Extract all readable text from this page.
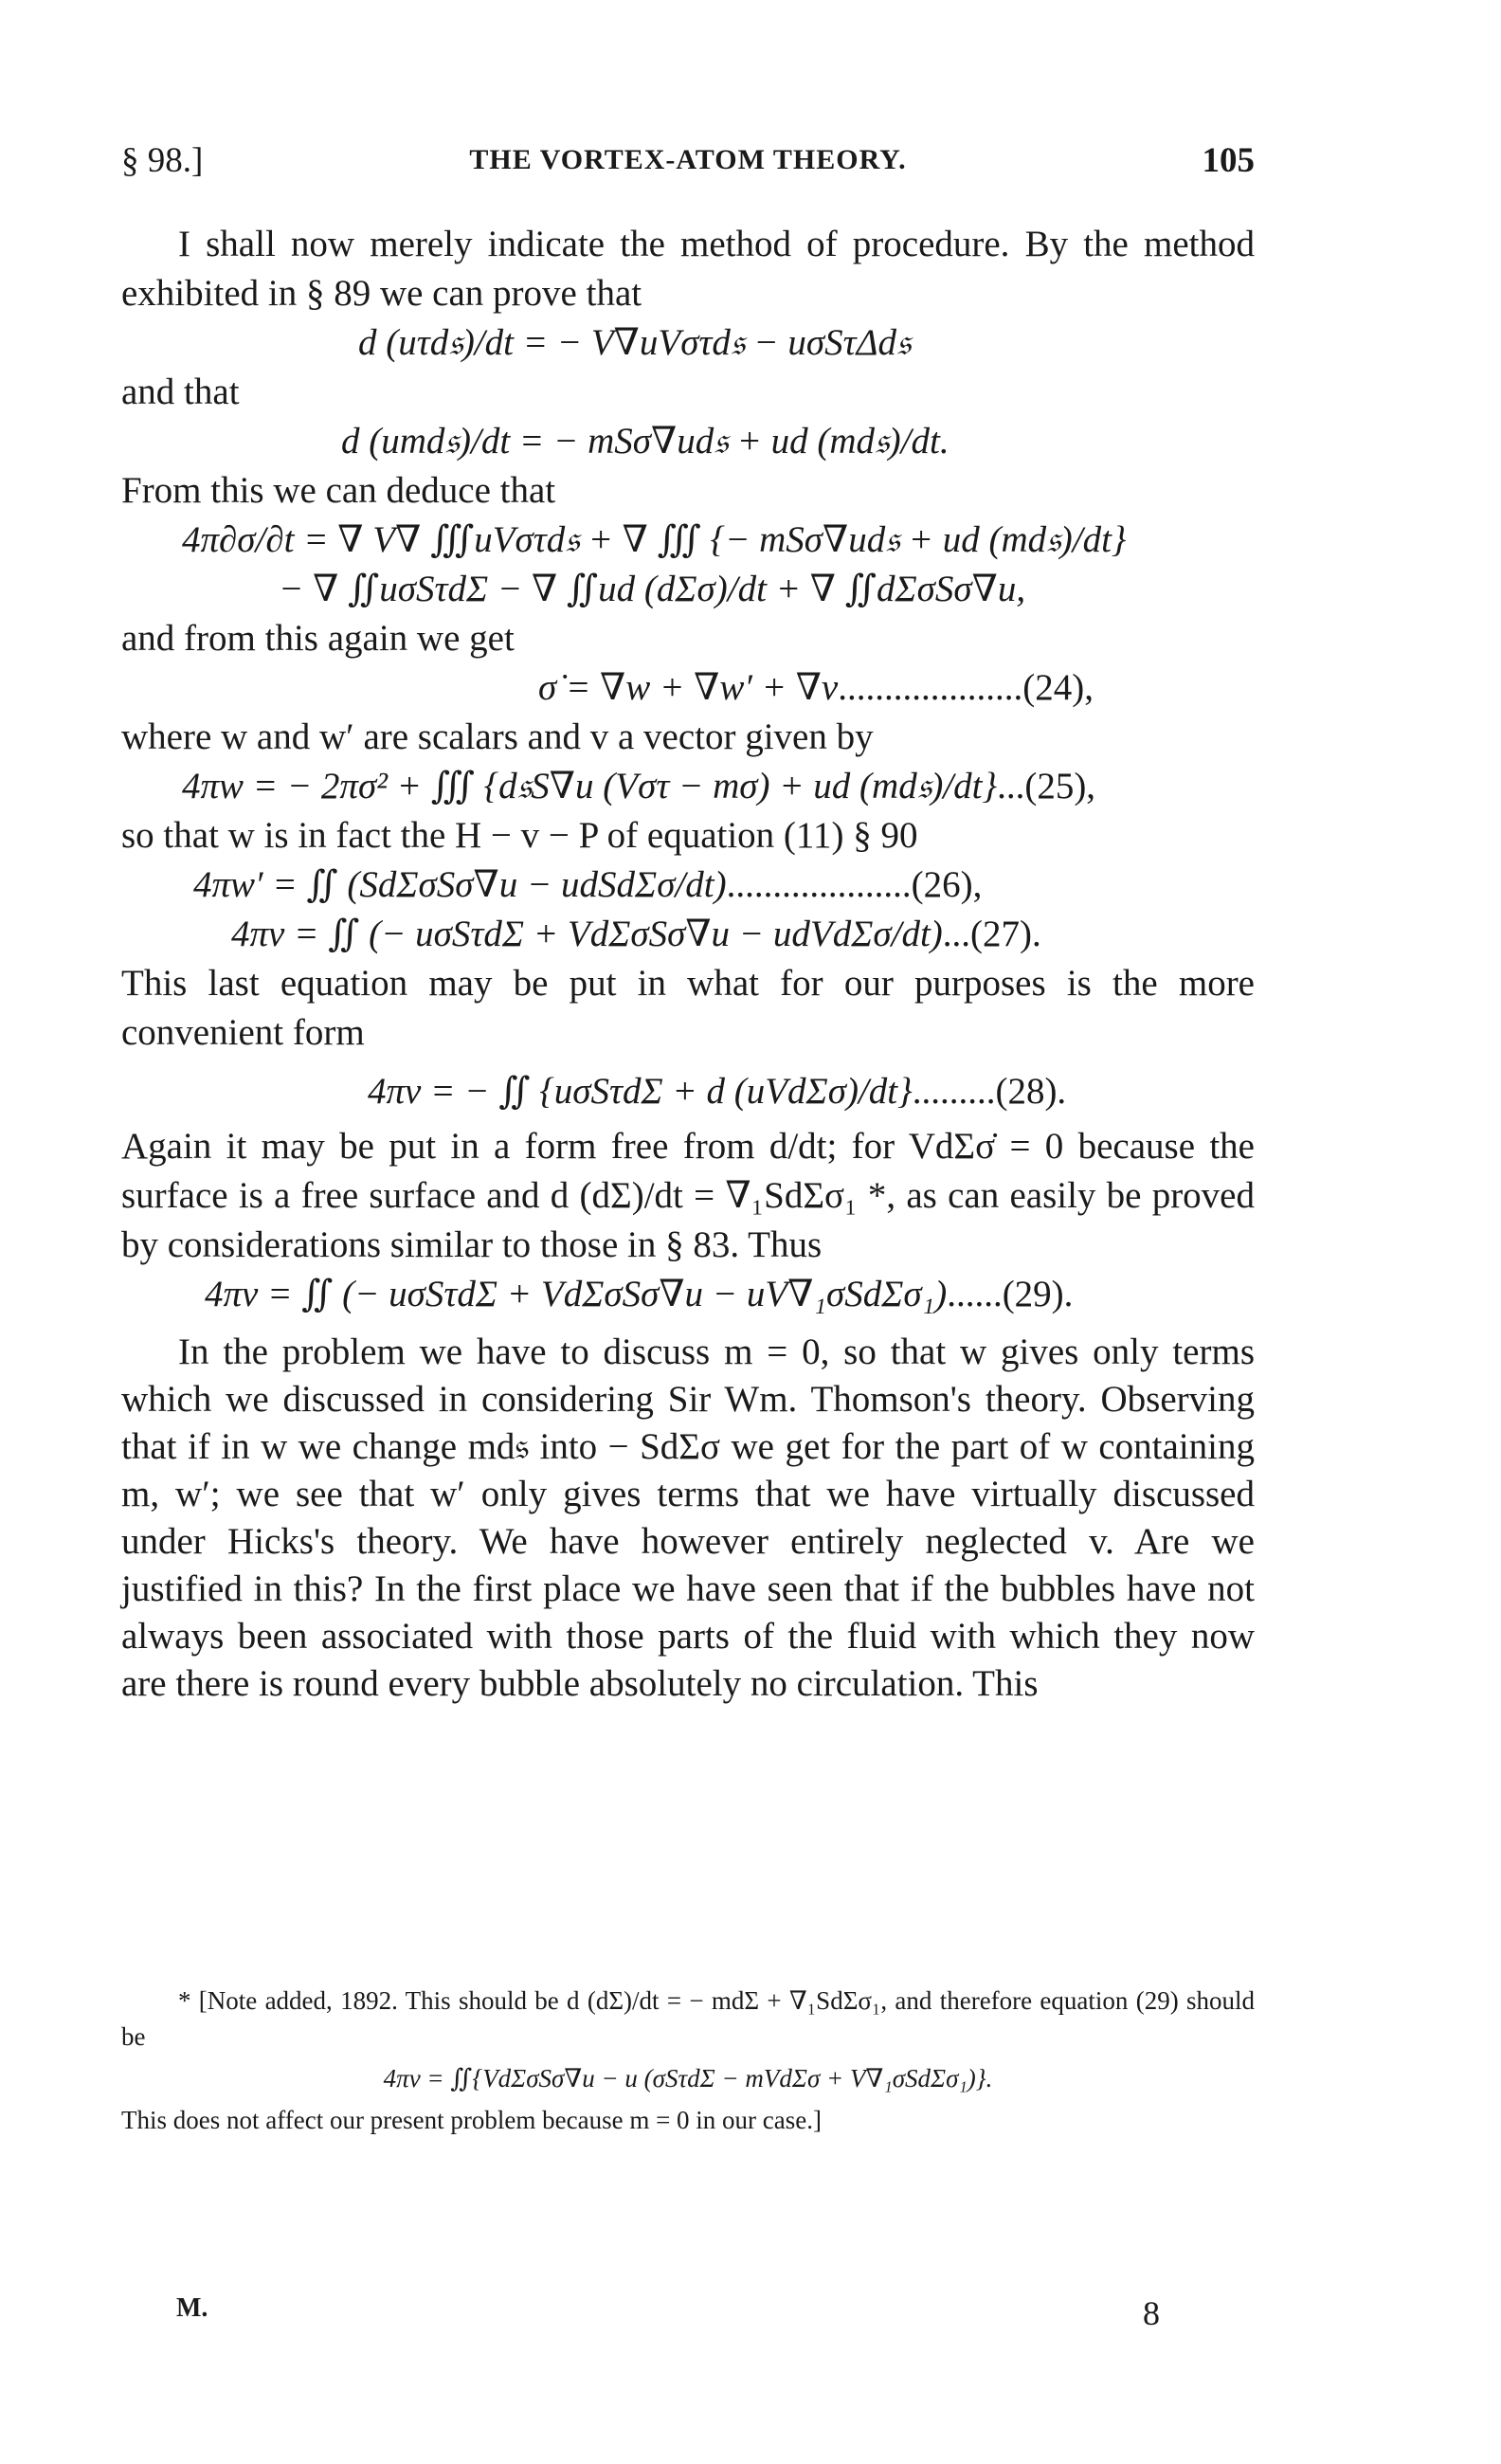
§ 98.]	THE VORTEX-ATOM THEORY.	105

I shall now merely indicate the method of procedure. By the method exhibited in § 89 we can prove that

d (uτd𝔰)/dt = − V∇uVστd𝔰 − uσSτΔd𝔰

and that

d (umd𝔰)/dt = − mSσ∇ud𝔰 + ud (md𝔰)/dt.

From this we can deduce that

4π∂σ/∂t = ∇ V∇ ∭uVστd𝔰 + ∇ ∭ {− mSσ∇ud𝔰 + ud (md𝔰)/dt}

− ∇ ∬uσSτdΣ − ∇ ∬ud (dΣσ)/dt + ∇ ∬dΣσSσ∇u,

and from this again we get

σ̇ = ∇w + ∇w′ + ∇v....................(24),

where w and w′ are scalars and v a vector given by

4πw = − 2πσ² + ∭ {d𝔰S∇u (Vστ − mσ) + ud (md𝔰)/dt}...(25),

so that w is in fact the H − v − P of equation (11) § 90

4πw′ = ∬ (SdΣσSσ∇u − udSdΣσ/dt)....................(26),

4πv = ∬ (− uσSτdΣ + VdΣσSσ∇u − udVdΣσ/dt)...(27).

This last equation may be put in what for our purposes is the more convenient form

4πv = − ∬ {uσSτdΣ + d (uVdΣσ)/dt}.........(28).

Again it may be put in a form free from d/dt; for VdΣσ̇ = 0 because the surface is a free surface and d (dΣ)/dt = ∇₁SdΣσ₁ *, as can easily be proved by considerations similar to those in § 83. Thus

4πv = ∬ (− uσSτdΣ + VdΣσSσ∇u − uV∇₁σSdΣσ₁)......(29).

In the problem we have to discuss m = 0, so that w gives only terms which we discussed in considering Sir Wm. Thomson's theory. Observing that if in w we change md𝔰 into − SdΣσ we get for the part of w containing m, w′; we see that w′ only gives terms that we have virtually discussed under Hicks's theory. We have however entirely neglected v. Are we justified in this? In the first place we have seen that if the bubbles have not always been associated with those parts of the fluid with which they now are there is round every bubble absolutely no circulation. This

* [Note added, 1892. This should be d (dΣ)/dt = − mdΣ + ∇₁SdΣσ₁, and therefore equation (29) should be

4πv = ∬{VdΣσSσ∇u − u (σSτdΣ − mVdΣσ + V∇₁σSdΣσ₁)}.

This does not affect our present problem because m = 0 in our case.]

M.	8
